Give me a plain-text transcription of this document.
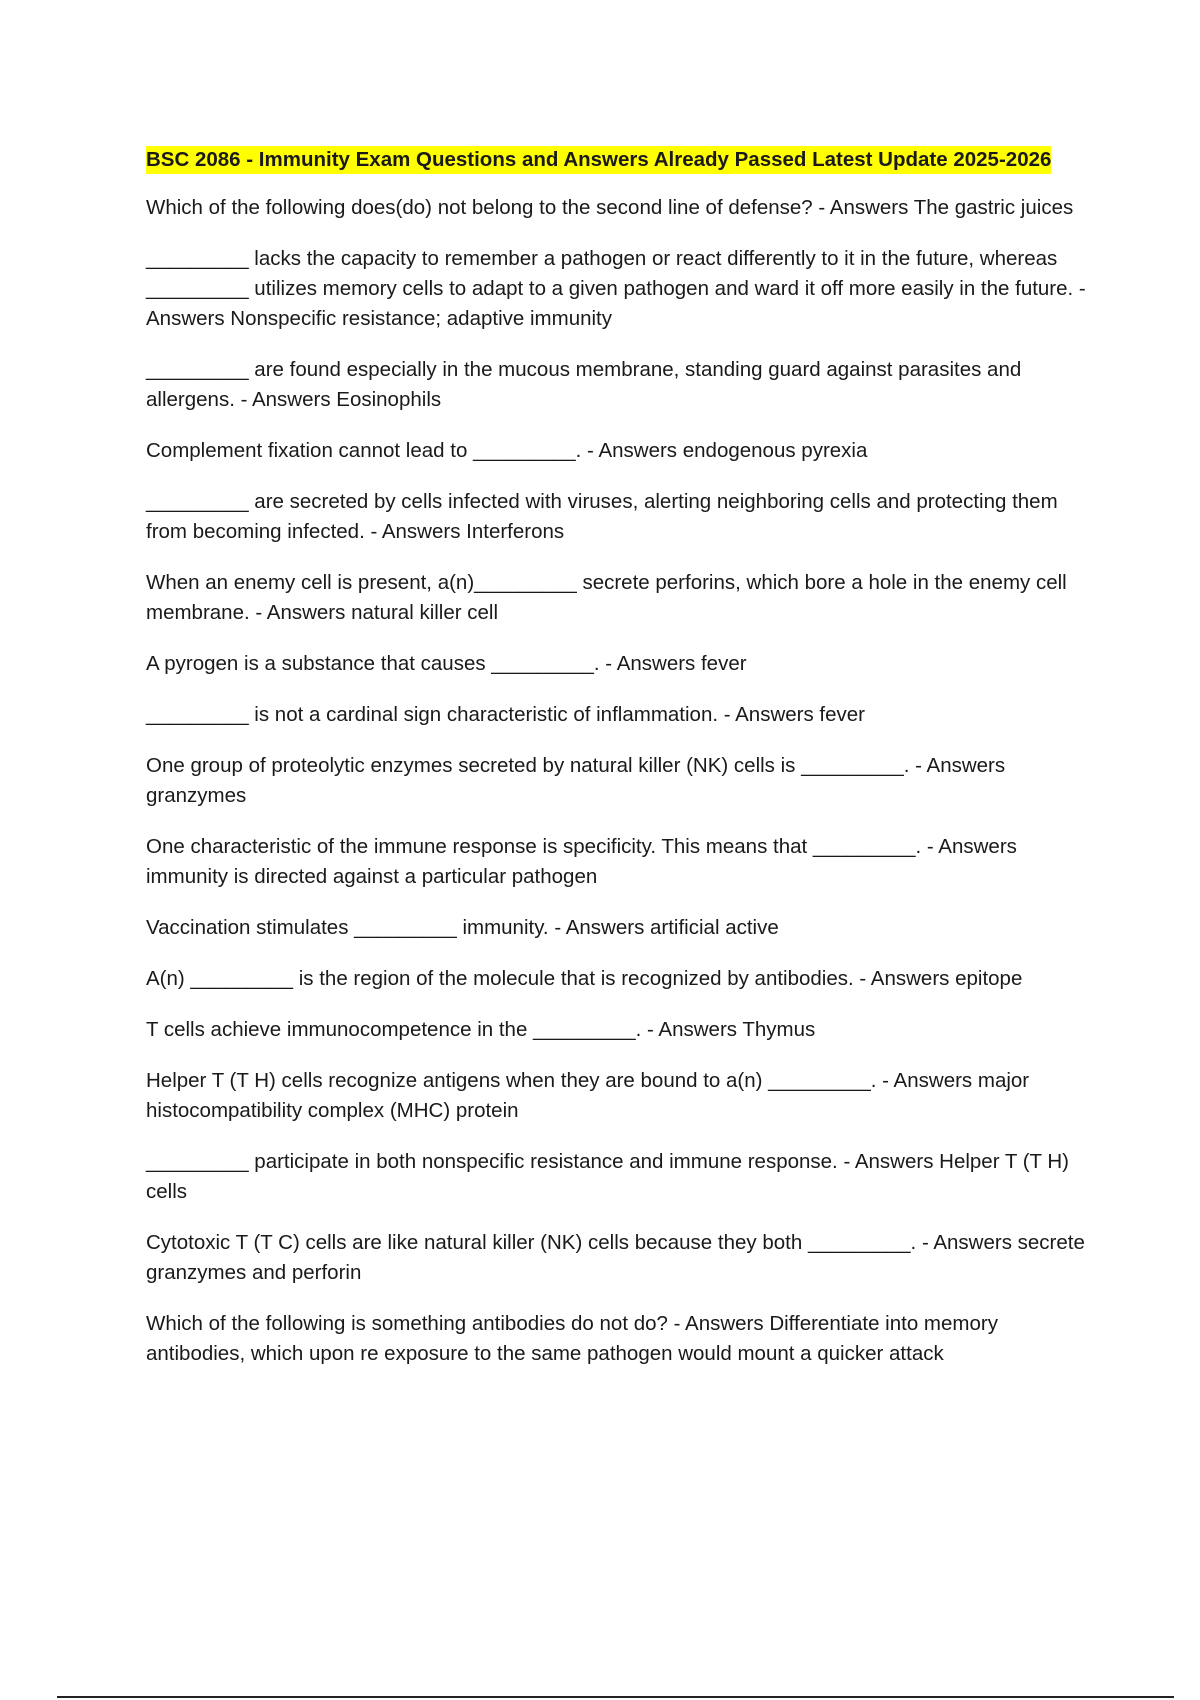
BSC 2086 - Immunity Exam Questions and Answers Already Passed Latest Update 2025-2026

Which of the following does(do) not belong to the second line of defense? - Answers The gastric juices

_________ lacks the capacity to remember a pathogen or react differently to it in the future, whereas _________ utilizes memory cells to adapt to a given pathogen and ward it off more easily in the future. - Answers Nonspecific resistance; adaptive immunity

_________ are found especially in the mucous membrane, standing guard against parasites and allergens. - Answers Eosinophils

Complement fixation cannot lead to _________. - Answers endogenous pyrexia

_________ are secreted by cells infected with viruses, alerting neighboring cells and protecting them from becoming infected. - Answers Interferons

When an enemy cell is present, a(n)_________ secrete perforins, which bore a hole in the enemy cell membrane. - Answers natural killer cell

A pyrogen is a substance that causes _________. - Answers fever

_________ is not a cardinal sign characteristic of inflammation. - Answers fever

One group of proteolytic enzymes secreted by natural killer (NK) cells is _________. - Answers granzymes

One characteristic of the immune response is specificity. This means that _________. - Answers immunity is directed against a particular pathogen

Vaccination stimulates _________ immunity. - Answers artificial active

A(n) _________ is the region of the molecule that is recognized by antibodies. - Answers epitope

T cells achieve immunocompetence in the _________. - Answers Thymus

Helper T (T H) cells recognize antigens when they are bound to a(n) _________. - Answers major histocompatibility complex (MHC) protein

_________ participate in both nonspecific resistance and immune response. - Answers Helper T (T H) cells

Cytotoxic T (T C) cells are like natural killer (NK) cells because they both _________. - Answers secrete granzymes and perforin

Which of the following is something antibodies do not do? - Answers Differentiate into memory antibodies, which upon re exposure to the same pathogen would mount a quicker attack
